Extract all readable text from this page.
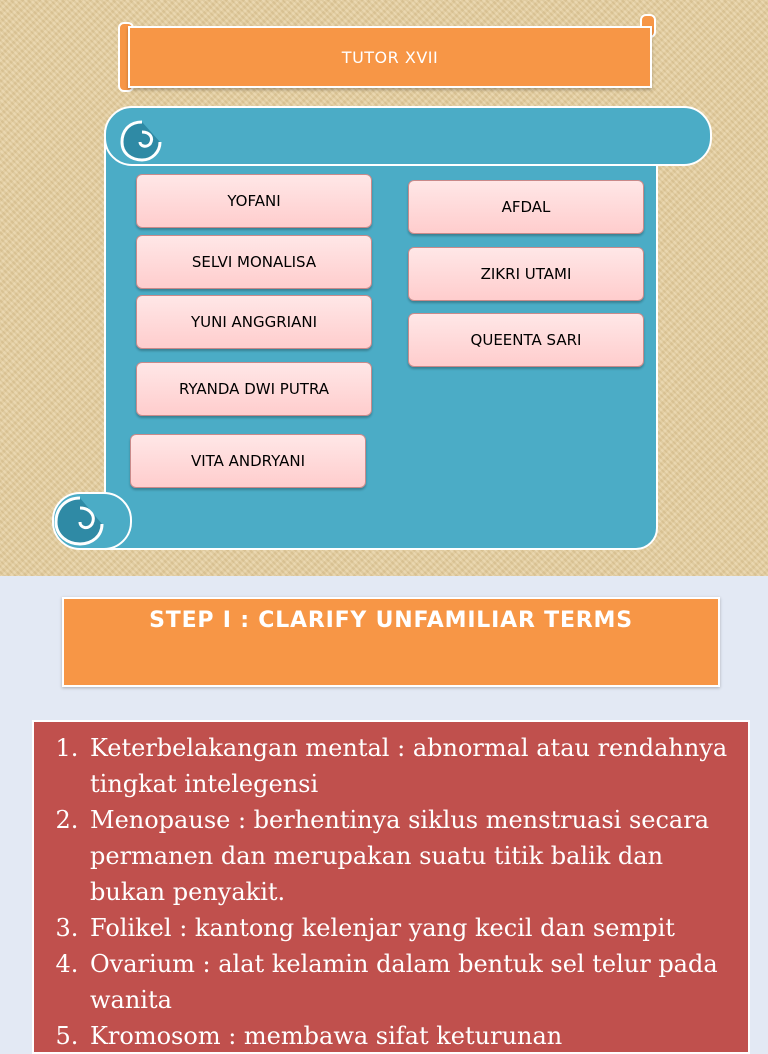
TUTOR XVII
YOFANI
SELVI MONALISA
YUNI ANGGRIANI
RYANDA DWI PUTRA
VITA ANDRYANI
AFDAL
ZIKRI UTAMI
QUEENTA SARI
STEP I : CLARIFY UNFAMILIAR TERMS
1. Keterbelakangan mental : abnormal atau rendahnya tingkat intelegensi
2. Menopause : berhentinya siklus menstruasi secara permanen dan merupakan suatu titik balik dan bukan penyakit.
3. Folikel : kantong kelenjar yang kecil dan sempit
4. Ovarium : alat kelamin dalam bentuk sel telur pada wanita
5. Kromosom : membawa sifat keturunan
